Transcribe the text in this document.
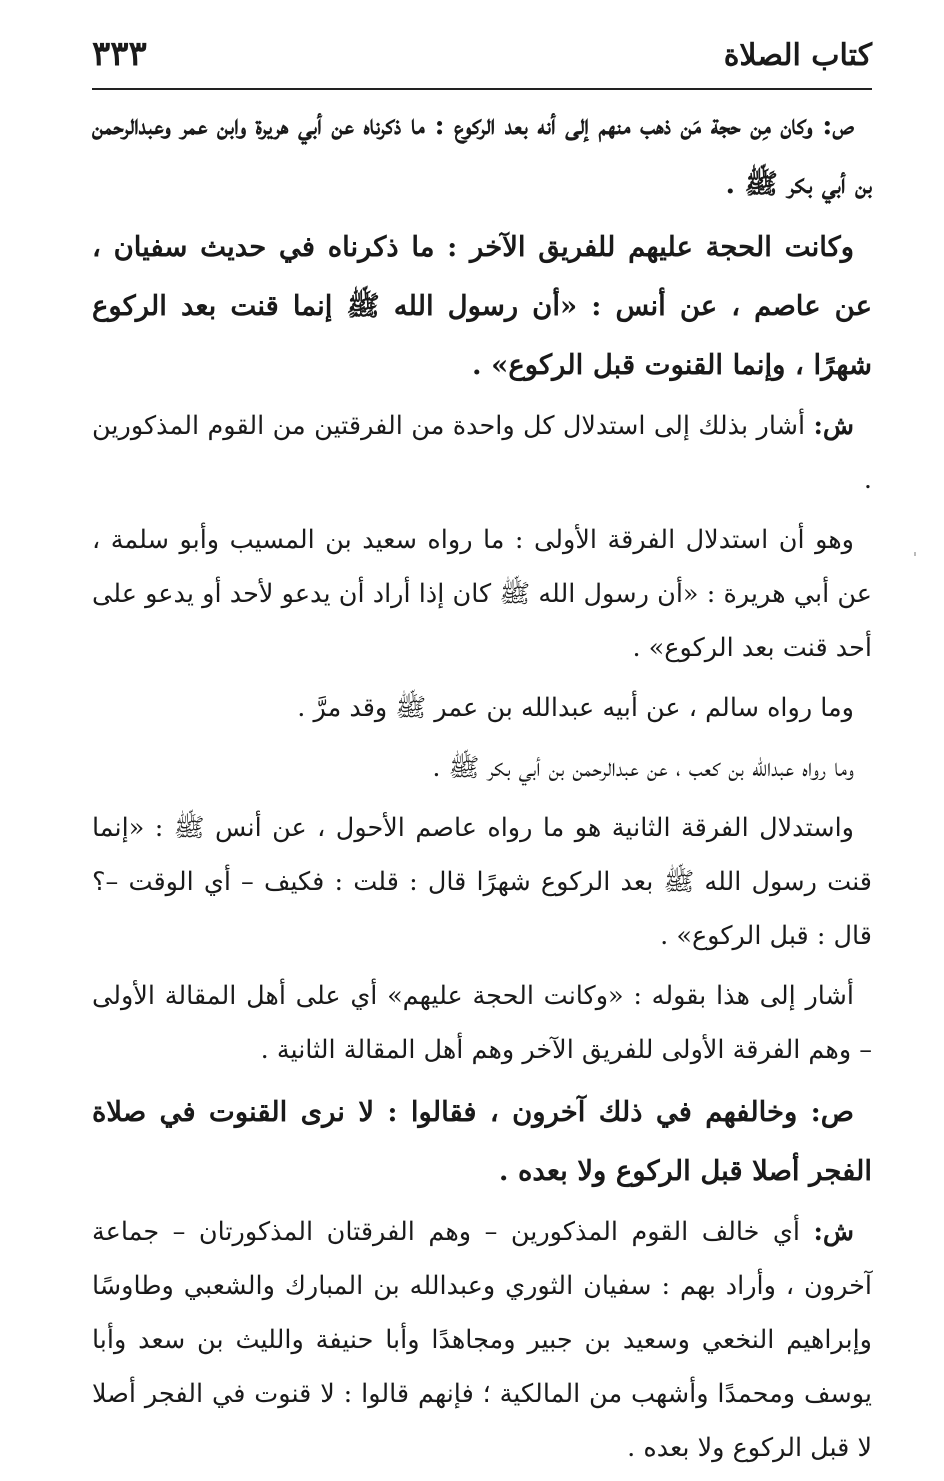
كتاب الصلاة
٣٣٣

ص: وكان مِن حجة مَن ذهب منهم إلى أنه بعد الركوع : ما ذكرناه عن أبي هريرة وابن عمر وعبدالرحمن بن أبي بكر ﷺ .

وكانت الحجة عليهم للفريق الآخر : ما ذكرناه في حديث سفيان ، عن عاصم ، عن أنس : «أن رسول الله ﷺ إنما قنت بعد الركوع شهرًا ، وإنما القنوت قبل الركوع» .

ش: أشار بذلك إلى استدلال كل واحدة من الفرقتين من القوم المذكورين .

وهو أن استدلال الفرقة الأولى : ما رواه سعيد بن المسيب وأبو سلمة ، عن أبي هريرة : «أن رسول الله ﷺ كان إذا أراد أن يدعو لأحد أو يدعو على أحد قنت بعد الركوع» .

وما رواه سالم ، عن أبيه عبدالله بن عمر ﷺ وقد مرَّ .

وما رواه عبدالله بن كعب ، عن عبدالرحمن بن أبي بكر ﷺ .

واستدلال الفرقة الثانية هو ما رواه عاصم الأحول ، عن أنس ﷺ : «إنما قنت رسول الله ﷺ بعد الركوع شهرًا قال : قلت : فكيف – أي الوقت –؟ قال : قبل الركوع» .

أشار إلى هذا بقوله : «وكانت الحجة عليهم» أي على أهل المقالة الأولى – وهم الفرقة الأولى للفريق الآخر وهم أهل المقالة الثانية .

ص: وخالفهم في ذلك آخرون ، فقالوا : لا نرى القنوت في صلاة الفجر أصلا قبل الركوع ولا بعده .

ش: أي خالف القوم المذكورين – وهم الفرقتان المذكورتان – جماعة آخرون ، وأراد بهم : سفيان الثوري وعبدالله بن المبارك والشعبي وطاوسًا وإبراهيم النخعي وسعيد بن جبير ومجاهدًا وأبا حنيفة والليث بن سعد وأبا يوسف ومحمدًا وأشهب من المالكية ؛ فإنهم قالوا : لا قنوت في الفجر أصلا لا قبل الركوع ولا بعده .
